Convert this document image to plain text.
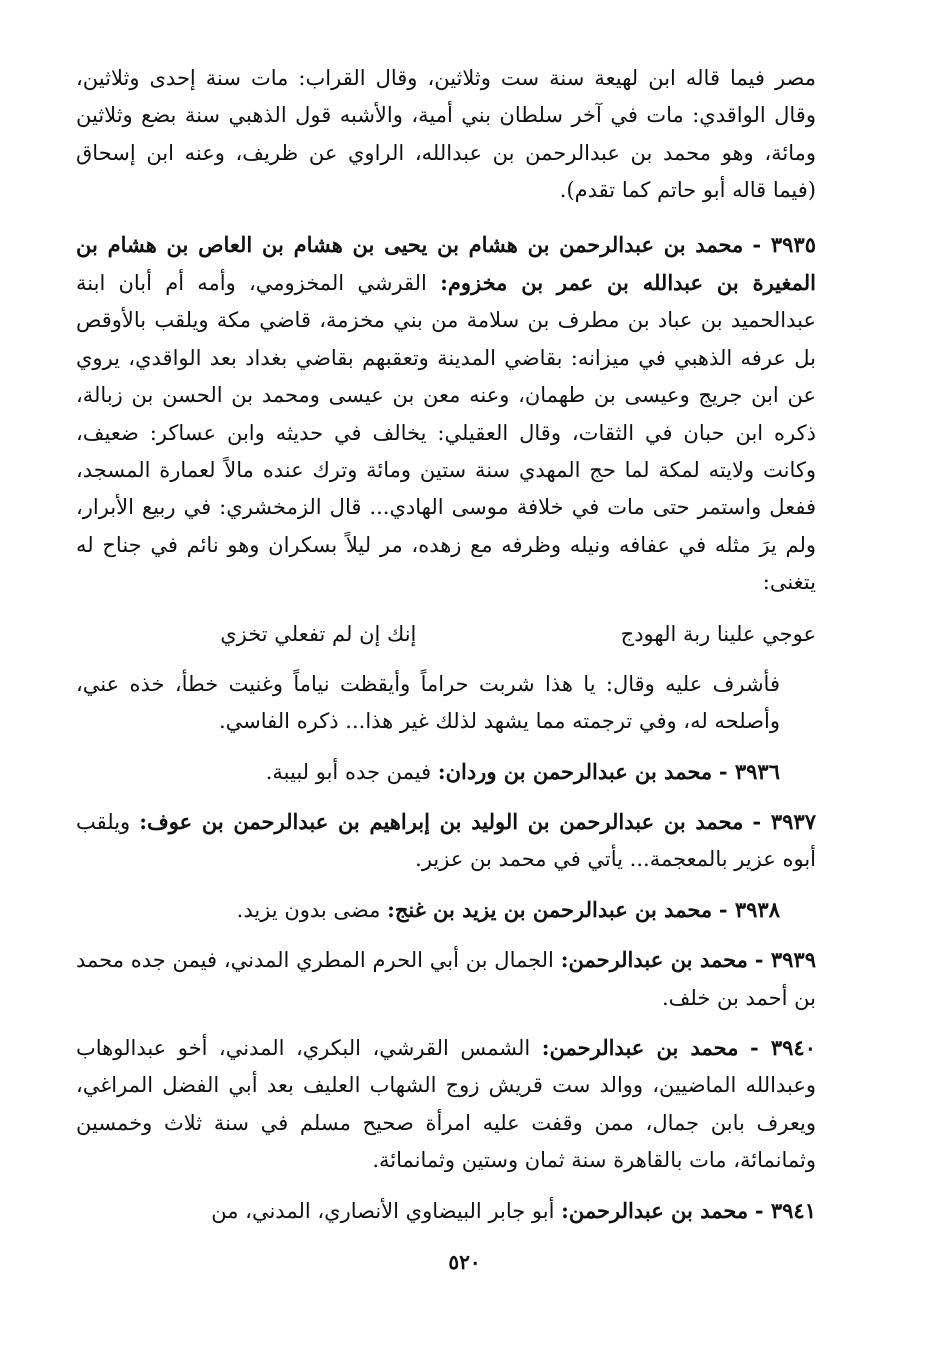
مصر فيما قاله ابن لهيعة سنة ست وثلاثين، وقال القراب: مات سنة إحدى وثلاثين، وقال الواقدي: مات في آخر سلطان بني أمية، والأشبه قول الذهبي سنة بضع وثلاثين ومائة، وهو محمد بن عبدالرحمن بن عبدالله، الراوي عن ظريف، وعنه ابن إسحاق (فيما قاله أبو حاتم كما تقدم).

٣٩٣٥ - محمد بن عبدالرحمن بن هشام بن يحيى بن هشام بن العاص بن هشام بن المغيرة بن عبدالله بن عمر بن مخزوم: القرشي المخزومي، وأمه أم أبان ابنة عبدالحميد بن عباد بن مطرف بن سلامة من بني مخزمة، قاضي مكة ويلقب بالأوقص بل عرفه الذهبي في ميزانه: بقاضي المدينة وتعقبهم بقاضي بغداد بعد الواقدي، يروي عن ابن جريج وعيسى بن طهمان، وعنه معن بن عيسى ومحمد بن الحسن بن زبالة، ذكره ابن حبان في الثقات، وقال العقيلي: يخالف في حديثه وابن عساكر: ضعيف، وكانت ولايته لمكة لما حج المهدي سنة ستين ومائة وترك عنده مالاً لعمارة المسجد، ففعل واستمر حتى مات في خلافة موسى الهادي... قال الزمخشري: في ربيع الأبرار، ولم يرَ مثله في عفافه ونيله وظرفه مع زهده، مر ليلاً بسكران وهو نائم في جناح له يتغنى:

عوجي علينا ربة الهودج
إنك إن لم تفعلي تخزي

فأشرف عليه وقال: يا هذا شربت حراماً وأيقظت نياماً وغنيت خطأ، خذه عني، وأصلحه له، وفي ترجمته مما يشهد لذلك غير هذا... ذكره الفاسي.

٣٩٣٦ - محمد بن عبدالرحمن بن وردان: فيمن جده أبو لبيبة.

٣٩٣٧ - محمد بن عبدالرحمن بن الوليد بن إبراهيم بن عبدالرحمن بن عوف: ويلقب أبوه عزير بالمعجمة... يأتي في محمد بن عزير.

٣٩٣٨ - محمد بن عبدالرحمن بن يزيد بن غنج: مضى بدون يزيد.

٣٩٣٩ - محمد بن عبدالرحمن: الجمال بن أبي الحرم المطري المدني، فيمن جده محمد بن أحمد بن خلف.

٣٩٤٠ - محمد بن عبدالرحمن: الشمس القرشي، البكري، المدني، أخو عبدالوهاب وعبدالله الماضيين، ووالد ست قريش زوج الشهاب العليف بعد أبي الفضل المراغي، ويعرف بابن جمال، ممن وقفت عليه امرأة صحيح مسلم في سنة ثلاث وخمسين وثمانمائة، مات بالقاهرة سنة ثمان وستين وثمانمائة.

٣٩٤١ - محمد بن عبدالرحمن: أبو جابر البيضاوي الأنصاري، المدني، من

٥٢٠
